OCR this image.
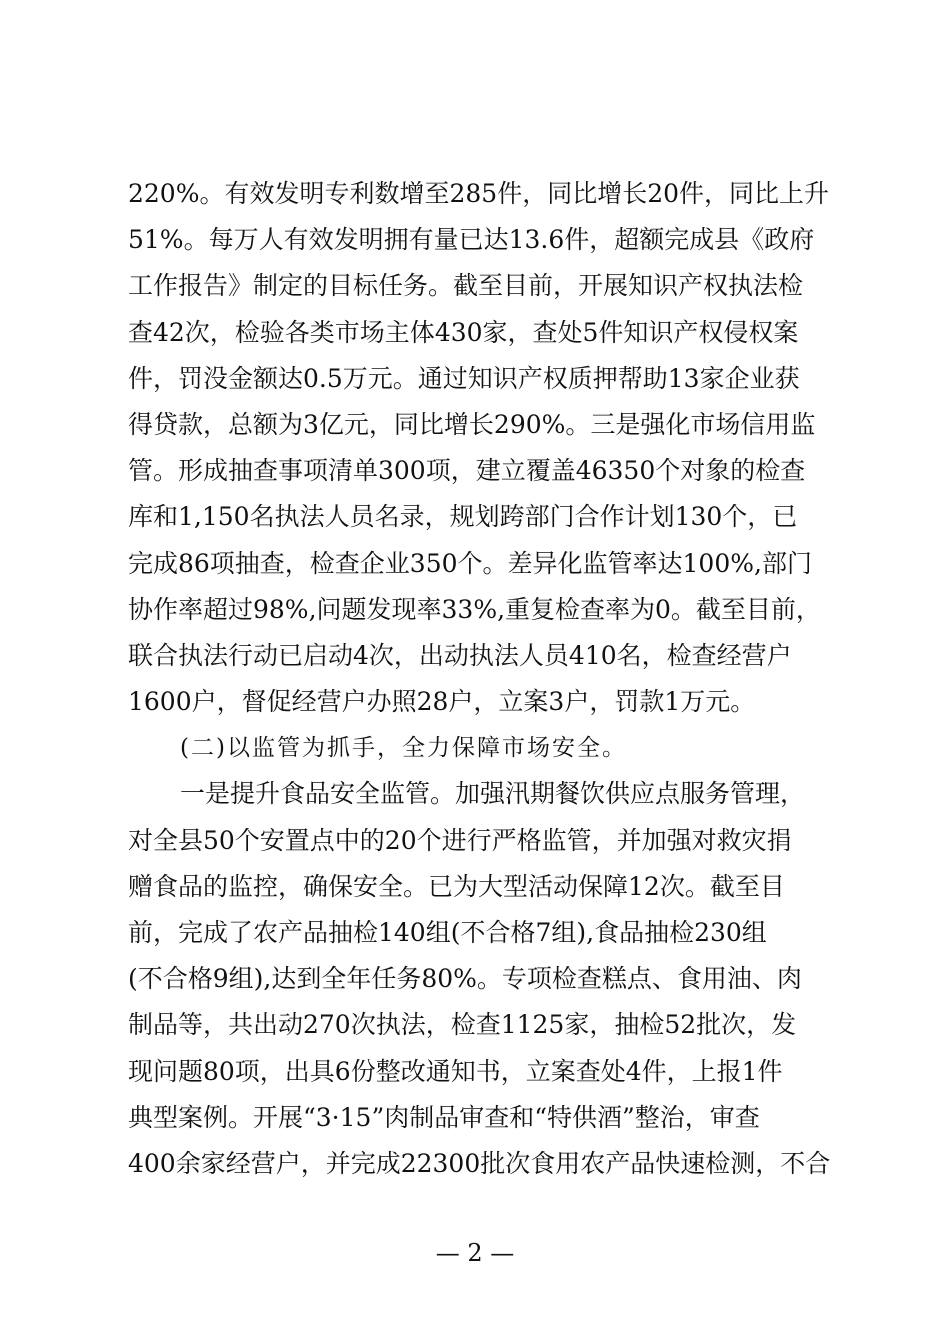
220%。有效发明专利数增至285件，同比增长20件，同比上升
51%。每万人有效发明拥有量已达13.6件，超额完成县《政府
工作报告》制定的目标任务。截至目前，开展知识产权执法检
查42次，检验各类市场主体430家，查处5件知识产权侵权案
件，罚没金额达0.5万元。通过知识产权质押帮助13家企业获
得贷款，总额为3亿元，同比增长290%。三是强化市场信用监
管。形成抽查事项清单300项，建立覆盖46350个对象的检查
库和1,150名执法人员名录，规划跨部门合作计划130个，已
完成86项抽查，检查企业350个。差异化监管率达100%,部门
协作率超过98%,问题发现率33%,重复检查率为0。截至目前，
联合执法行动已启动4次，出动执法人员410名，检查经营户
1600户，督促经营户办照28户，立案3户，罚款1万元。
(二)以监管为抓手，全力保障市场安全。
一是提升食品安全监管。加强汛期餐饮供应点服务管理，
对全县50个安置点中的20个进行严格监管，并加强对救灾捐
赠食品的监控，确保安全。已为大型活动保障12次。截至目
前，完成了农产品抽检140组(不合格7组),食品抽检230组
(不合格9组),达到全年任务80%。专项检查糕点、食用油、肉
制品等，共出动270次执法，检查1125家，抽检52批次，发
现问题80项，出具6份整改通知书，立案查处4件，上报1件
典型案例。开展“3·15”肉制品审查和“特供酒”整治，审查
400余家经营户，并完成22300批次食用农产品快速检测，不合
— 2 —
